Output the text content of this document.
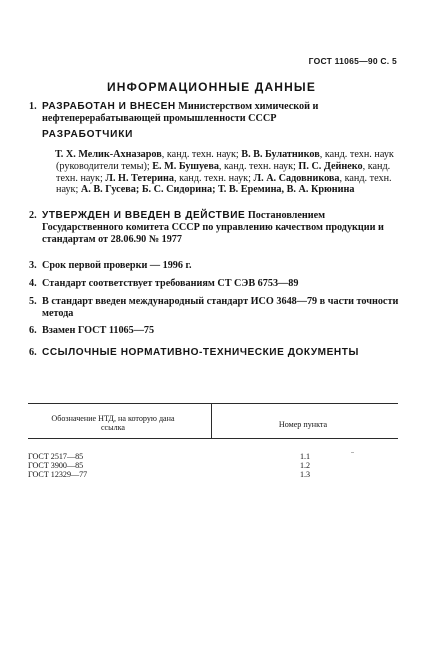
ГОСТ 11065—90 С. 5
ИНФОРМАЦИОННЫЕ ДАННЫЕ
1. РАЗРАБОТАН И ВНЕСЕН Министерством химической и нефтеперерабатывающей промышленности СССР
РАЗРАБОТЧИКИ
Т. Х. Мелик-Ахназаров, канд. техн. наук; В. В. Булатников, канд. техн. наук (руководители темы); Е. М. Бушуева, канд. техн. наук; П. С. Дейнеко, канд. техн. наук; Л. Н. Тетерина, канд. техн. наук; Л. А. Садовникова, канд. техн. наук; А. В. Гусева; Б. С. Сидорина; Т. В. Еремина, В. А. Крюнина
2. УТВЕРЖДЕН И ВВЕДЕН В ДЕЙСТВИЕ Постановлением Государственного комитета СССР по управлению качеством продукции и стандартам от 28.06.90 № 1977
3. Срок первой проверки — 1996 г.
4. Стандарт соответствует требованиям СТ СЭВ 6753—89
5. В стандарт введен международный стандарт ИСО 3648—79 в части точности метода
6. Взамен ГОСТ 11065—75
6. ССЫЛОЧНЫЕ НОРМАТИВНО-ТЕХНИЧЕСКИЕ ДОКУМЕНТЫ
Обозначение НТД, на которую дана ссылка	Номер пункта
ГОСТ 2517—85	1.1
ГОСТ 3900—85	1.2
ГОСТ 12329—77	1.3
